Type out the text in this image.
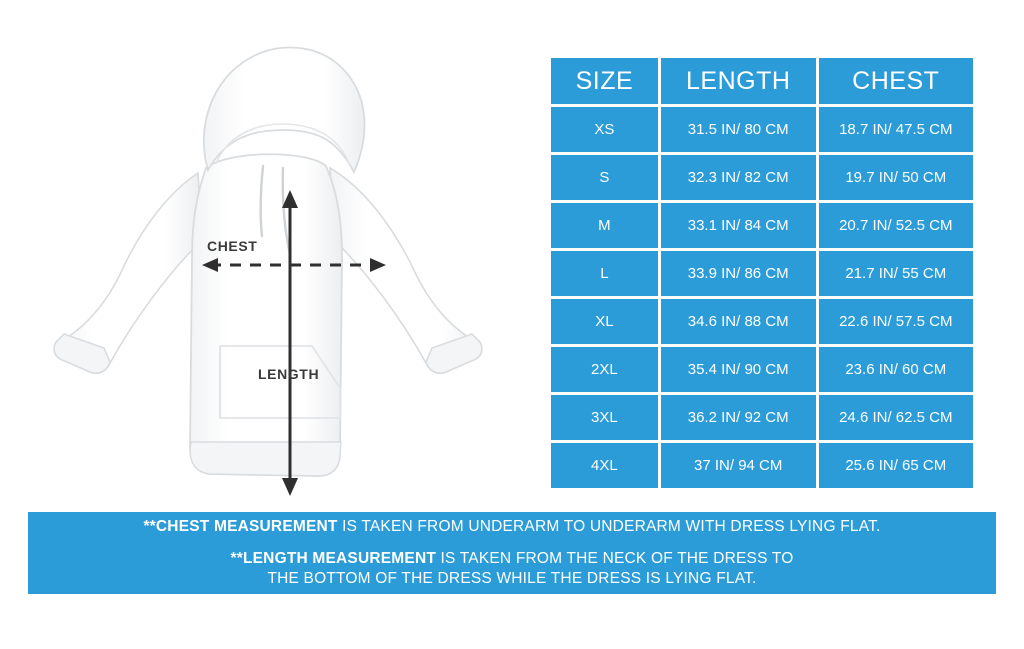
CHEST
LENGTH
SIZE	LENGTH	CHEST
XS	31.5 IN/ 80 CM	18.7 IN/ 47.5 CM
S	32.3 IN/ 82 CM	19.7 IN/ 50 CM
M	33.1 IN/ 84 CM	20.7 IN/ 52.5 CM
L	33.9 IN/ 86 CM	21.7 IN/ 55 CM
XL	34.6 IN/ 88 CM	22.6 IN/ 57.5 CM
2XL	35.4 IN/ 90 CM	23.6 IN/ 60 CM
3XL	36.2 IN/ 92 CM	24.6 IN/ 62.5 CM
4XL	37 IN/ 94 CM	25.6 IN/ 65 CM
**CHEST MEASUREMENT IS TAKEN FROM UNDERARM TO UNDERARM WITH DRESS LYING FLAT.
**LENGTH MEASUREMENT IS TAKEN FROM THE NECK OF THE DRESS TO
THE BOTTOM OF THE DRESS WHILE THE DRESS IS LYING FLAT.
